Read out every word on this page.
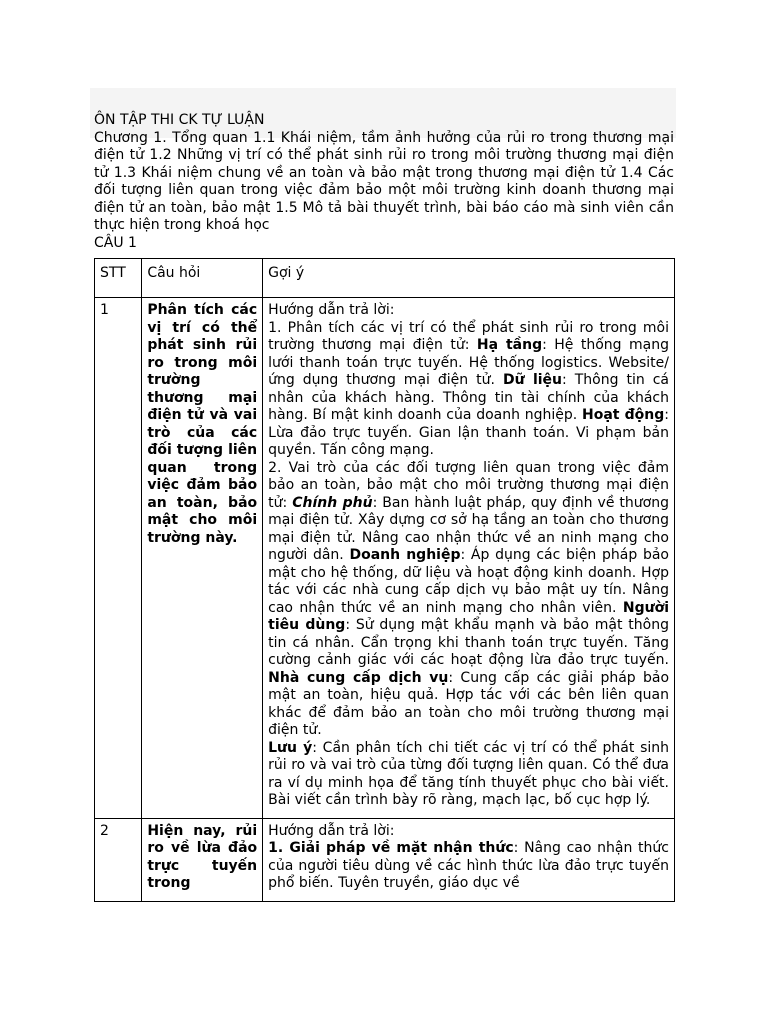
ÔN TẬP THI CK TỰ LUẬN

Chương 1. Tổng quan 1.1 Khái niệm, tầm ảnh hưởng của rủi ro trong thương mại điện tử 1.2 Những vị trí có thể phát sinh rủi ro trong môi trường thương mại điện tử 1.3 Khái niệm chung về an toàn và bảo mật trong thương mại điện tử 1.4 Các đối tượng liên quan trong việc đảm bảo một môi trường kinh doanh thương mại điện tử an toàn, bảo mật 1.5 Mô tả bài thuyết trình, bài báo cáo mà sinh viên cần thực hiện trong khoá học

CÂU 1

STT	Câu hỏi	Gợi ý
1	Phân tích các vị trí có thể phát sinh rủi ro trong môi trường thương mại điện tử và vai trò của các đối tượng liên quan trong việc đảm bảo an toàn, bảo mật cho môi trường này.	Hướng dẫn trả lời:

1. Phân tích các vị trí có thể phát sinh rủi ro trong môi trường thương mại điện tử: Hạ tầng: Hệ thống mạng lưới thanh toán trực tuyến. Hệ thống logistics. Website/ứng dụng thương mại điện tử. Dữ liệu: Thông tin cá nhân của khách hàng. Thông tin tài chính của khách hàng. Bí mật kinh doanh của doanh nghiệp. Hoạt động: Lừa đảo trực tuyến. Gian lận thanh toán. Vi phạm bản quyền. Tấn công mạng.

2. Vai trò của các đối tượng liên quan trong việc đảm bảo an toàn, bảo mật cho môi trường thương mại điện tử: Chính phủ: Ban hành luật pháp, quy định về thương mại điện tử. Xây dựng cơ sở hạ tầng an toàn cho thương mại điện tử. Nâng cao nhận thức về an ninh mạng cho người dân. Doanh nghiệp: Áp dụng các biện pháp bảo mật cho hệ thống, dữ liệu và hoạt động kinh doanh. Hợp tác với các nhà cung cấp dịch vụ bảo mật uy tín. Nâng cao nhận thức về an ninh mạng cho nhân viên. Người tiêu dùng: Sử dụng mật khẩu mạnh và bảo mật thông tin cá nhân. Cẩn trọng khi thanh toán trực tuyến. Tăng cường cảnh giác với các hoạt động lừa đảo trực tuyến. Nhà cung cấp dịch vụ: Cung cấp các giải pháp bảo mật an toàn, hiệu quả. Hợp tác với các bên liên quan khác để đảm bảo an toàn cho môi trường thương mại điện tử.

Lưu ý: Cần phân tích chi tiết các vị trí có thể phát sinh rủi ro và vai trò của từng đối tượng liên quan. Có thể đưa ra ví dụ minh họa để tăng tính thuyết phục cho bài viết. Bài viết cần trình bày rõ ràng, mạch lạc, bố cục hợp lý.

2	Hiện nay, rủi ro về lừa đảo trực tuyến trong	Hướng dẫn trả lời:

1. Giải pháp về mặt nhận thức: Nâng cao nhận thức của người tiêu dùng về các hình thức lừa đảo trực tuyến phổ biến. Tuyên truyền, giáo dục về
